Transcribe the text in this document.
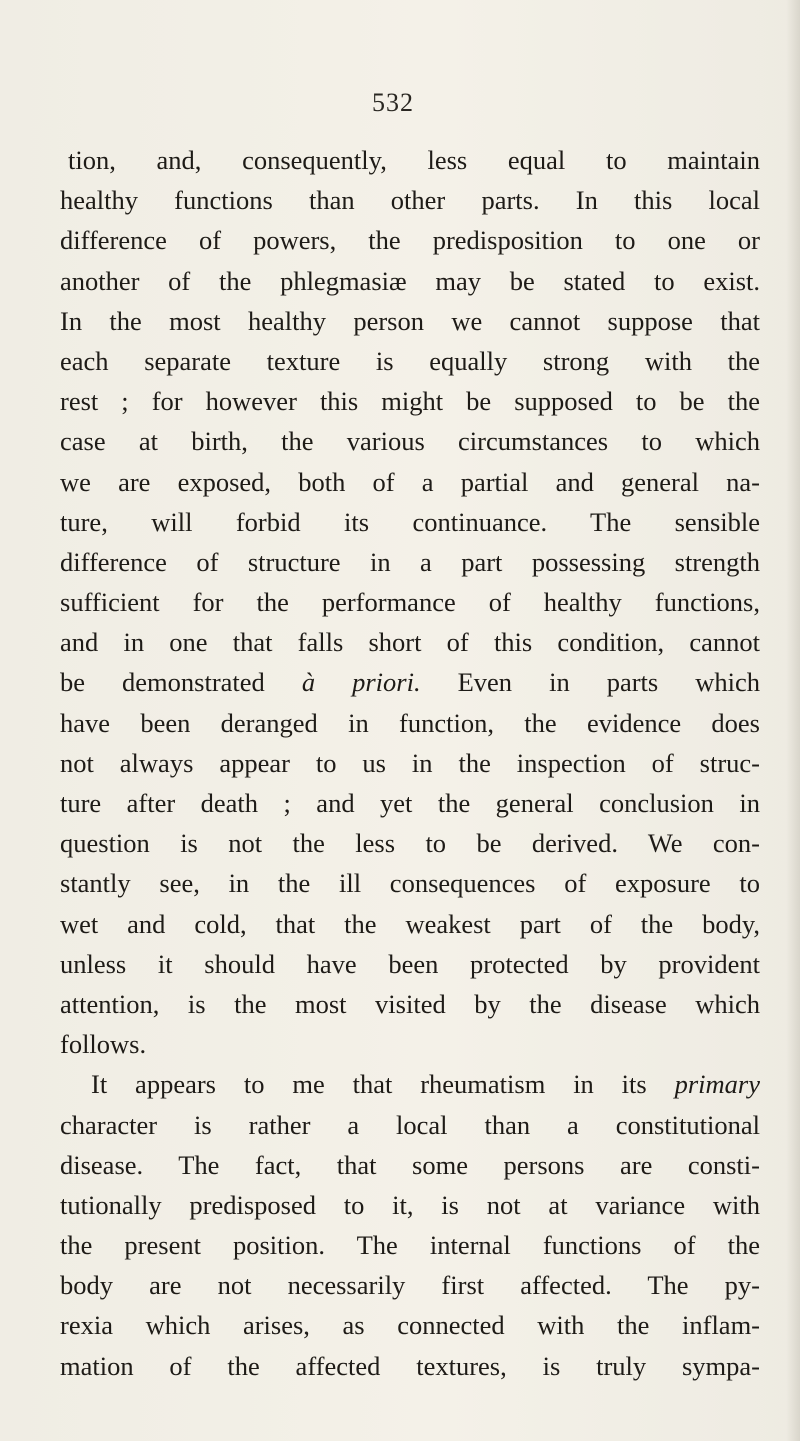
532
tion, and, consequently, less equal to maintain
healthy functions than other parts. In this local
difference of powers, the predisposition to one or
another of the phlegmasiæ may be stated to exist.
In the most healthy person we cannot suppose that
each separate texture is equally strong with the
rest ; for however this might be supposed to be the
case at birth, the various circumstances to which
we are exposed, both of a partial and general na-
ture, will forbid its continuance. The sensible
difference of structure in a part possessing strength
sufficient for the performance of healthy functions,
and in one that falls short of this condition, cannot
be demonstrated à priori. Even in parts which
have been deranged in function, the evidence does
not always appear to us in the inspection of struc-
ture after death ; and yet the general conclusion in
question is not the less to be derived. We con-
stantly see, in the ill consequences of exposure to
wet and cold, that the weakest part of the body,
unless it should have been protected by provident
attention, is the most visited by the disease which
follows.
It appears to me that rheumatism in its primary
character is rather a local than a constitutional
disease. The fact, that some persons are consti-
tutionally predisposed to it, is not at variance with
the present position. The internal functions of the
body are not necessarily first affected. The py-
rexia which arises, as connected with the inflam-
mation of the affected textures, is truly sympa-
